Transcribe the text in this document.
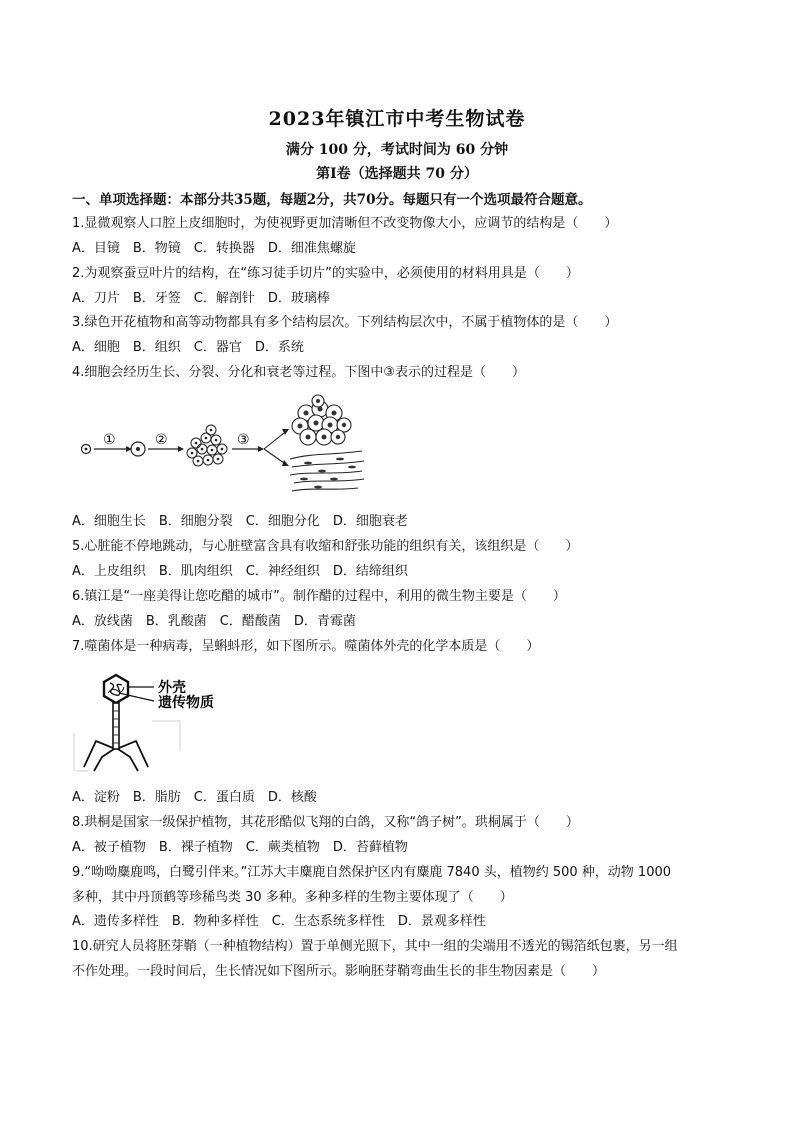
2023年镇江市中考生物试卷
满分 100 分，考试时间为 60 分钟
第Ⅰ卷（选择题共 70 分）
一、单项选择题：本部分共35题，每题2分，共70分。每题只有一个选项最符合题意。
1.显微观察人口腔上皮细胞时，为使视野更加清晰但不改变物像大小，应调节的结构是（　　）
A．目镜　B．物镜　C．转换器　D．细准焦螺旋
2.为观察蚕豆叶片的结构，在“练习徒手切片”的实验中，必须使用的材料用具是（　　）
A．刀片　B．牙签　C．解剖针　D．玻璃棒
3.绿色开花植物和高等动物都具有多个结构层次。下列结构层次中，不属于植物体的是（　　）
A．细胞　B．组织　C．器官　D．系统
4.细胞会经历生长、分裂、分化和衰老等过程。下图中③表示的过程是（　　）
①	②	③
A．细胞生长　B．细胞分裂　C．细胞分化　D．细胞衰老
5.心脏能不停地跳动，与心脏壁富含具有收缩和舒张功能的组织有关，该组织是（　　）
A．上皮组织　B．肌肉组织　C．神经组织　D．结缔组织
6.镇江是“一座美得让您吃醋的城市”。制作醋的过程中，利用的微生物主要是（　　）
A．放线菌　B．乳酸菌　C．醋酸菌　D．青霉菌
7.噬菌体是一种病毒，呈蝌蚪形，如下图所示。噬菌体外壳的化学本质是（　　）
外壳
遗传物质
A．淀粉　B．脂肪　C．蛋白质　D．核酸
8.珙桐是国家一级保护植物，其花形酷似飞翔的白鸽，又称“鸽子树”。珙桐属于（　　）
A．被子植物　B．裸子植物　C．蕨类植物　D．苔藓植物
9.“呦呦麋鹿鸣，白鹭引伴来。”江苏大丰麋鹿自然保护区内有麋鹿 7840 头，植物约 500 种，动物 1000
多种，其中丹顶鹤等珍稀鸟类 30 多种。多种多样的生物主要体现了（　　）
A．遗传多样性　B．物种多样性　C．生态系统多样性　D．景观多样性
10.研究人员将胚芽鞘（一种植物结构）置于单侧光照下，其中一组的尖端用不透光的锡箔纸包裹，另一组
不作处理。一段时间后，生长情况如下图所示。影响胚芽鞘弯曲生长的非生物因素是（　　）
